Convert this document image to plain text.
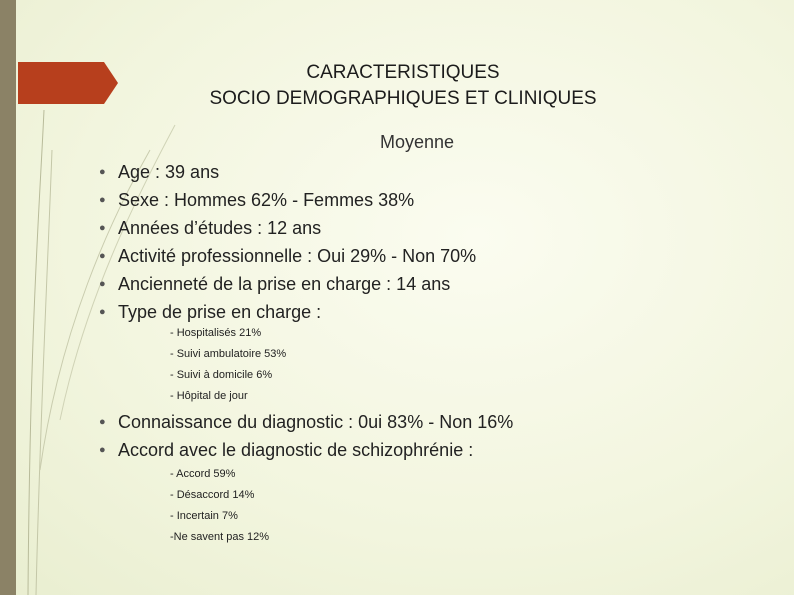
CARACTERISTIQUES
SOCIO DEMOGRAPHIQUES ET CLINIQUES
Moyenne
● Age : 39 ans
● Sexe : Hommes 62% - Femmes 38%
● Années d’études : 12 ans
● Activité professionnelle : Oui 29% - Non 70%
● Ancienneté de la prise en charge : 14 ans
● Type de prise en charge :
- Hospitalisés 21%
- Suivi ambulatoire 53%
- Suivi à domicile 6%
- Hôpital de jour
● Connaissance du diagnostic : 0ui 83% - Non 16%
● Accord avec le diagnostic de schizophrénie :
- Accord 59%
- Désaccord 14%
- Incertain 7%
-Ne savent pas 12%
